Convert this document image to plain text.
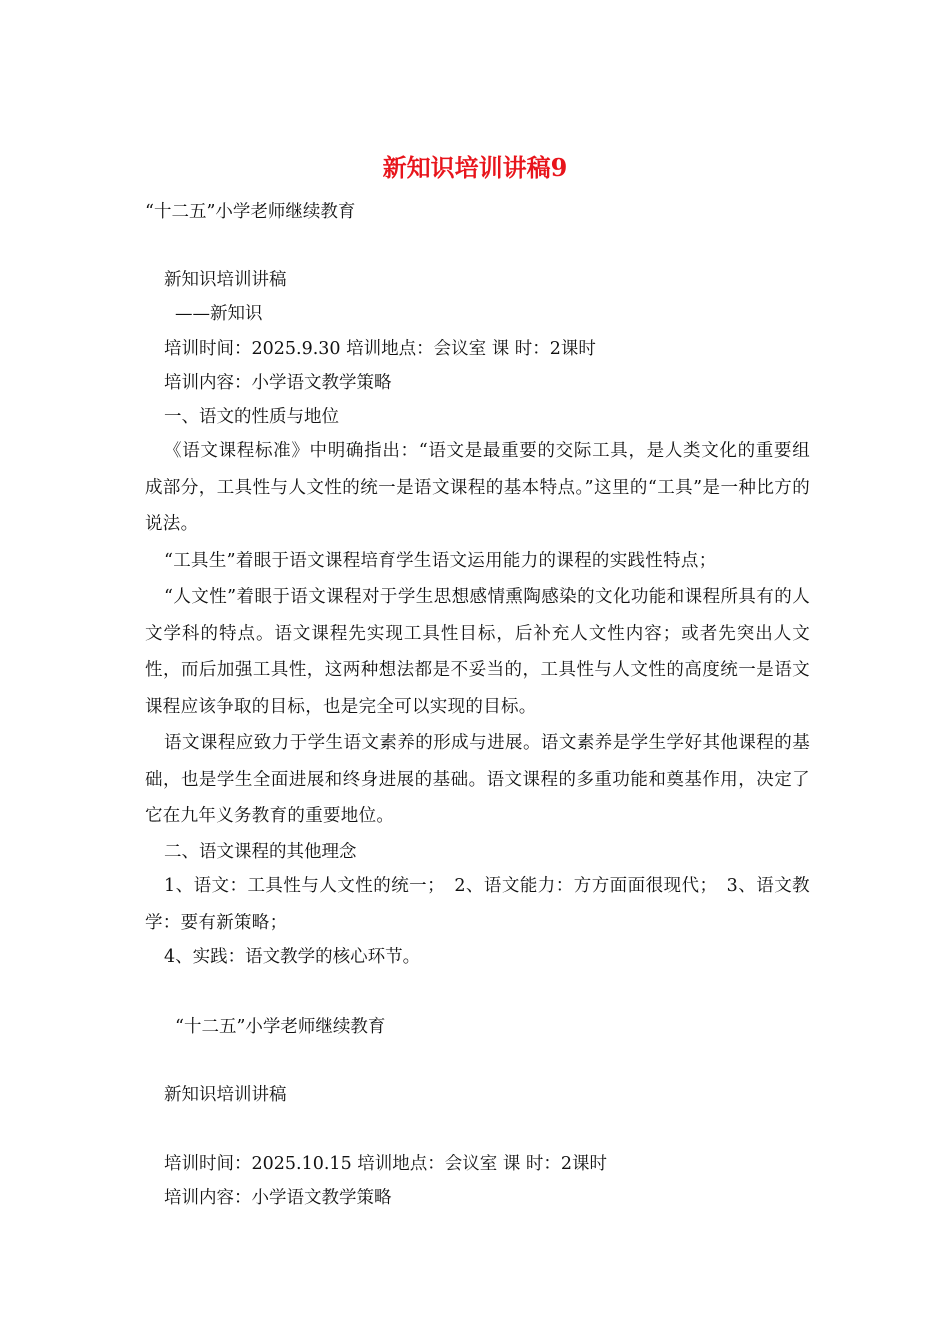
新知识培训讲稿9
“十二五”小学老师继续教育
新知识培训讲稿
——新知识
培训时间：2025.9.30 培训地点：会议室 课 时：2课时
培训内容：小学语文教学策略
一、语文的性质与地位
《语文课程标准》中明确指出：“语文是最重要的交际工具，是人类文化的重要组成部分，工具性与人文性的统一是语文课程的基本特点。”这里的“工具”是一种比方的说法。
“工具生”着眼于语文课程培育学生语文运用能力的课程的实践性特点；
“人文性”着眼于语文课程对于学生思想感情熏陶感染的文化功能和课程所具有的人文学科的特点。语文课程先实现工具性目标，后补充人文性内容；或者先突出人文性，而后加强工具性，这两种想法都是不妥当的，工具性与人文性的高度统一是语文课程应该争取的目标，也是完全可以实现的目标。
语文课程应致力于学生语文素养的形成与进展。语文素养是学生学好其他课程的基础，也是学生全面进展和终身进展的基础。语文课程的多重功能和奠基作用，决定了它在九年义务教育的重要地位。
二、语文课程的其他理念
1、语文：工具性与人文性的统一；　2、语文能力：方方面面很现代；　3、语文教学：要有新策略；
4、实践：语文教学的核心环节。
“十二五”小学老师继续教育
新知识培训讲稿
培训时间：2025.10.15 培训地点：会议室 课 时：2课时
培训内容：小学语文教学策略
